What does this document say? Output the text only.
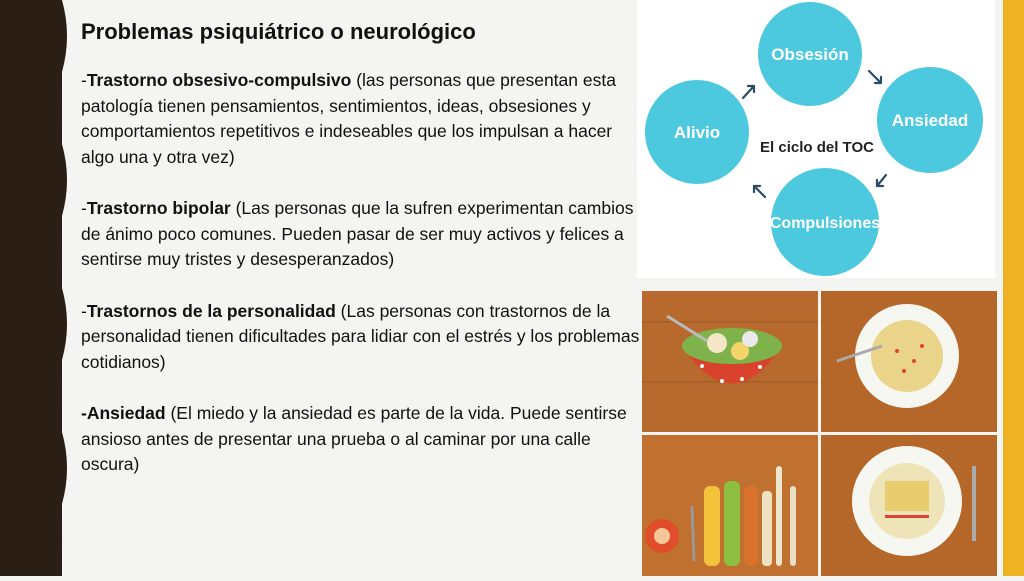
Problemas psiquiátrico o neurológico

-Trastorno obsesivo-compulsivo (las personas que presentan esta patología tienen pensamientos, sentimientos, ideas, obsesiones y comportamientos repetitivos e indeseables que los impulsan a hacer algo una y otra vez)

-Trastorno bipolar (Las personas que la sufren experimentan cambios de ánimo poco comunes. Pueden pasar de ser muy activos y felices a sentirse muy tristes y desesperanzados)

-Trastornos de la personalidad (Las personas con trastornos de la personalidad tienen dificultades para lidiar con el estrés y los problemas cotidianos)

-Ansiedad (El miedo y la ansiedad es parte de la vida. Puede sentirse ansioso antes de presentar una prueba o al caminar por una calle oscura)

Obsesión
Ansiedad
Compulsiones
Alivio
El ciclo del TOC
